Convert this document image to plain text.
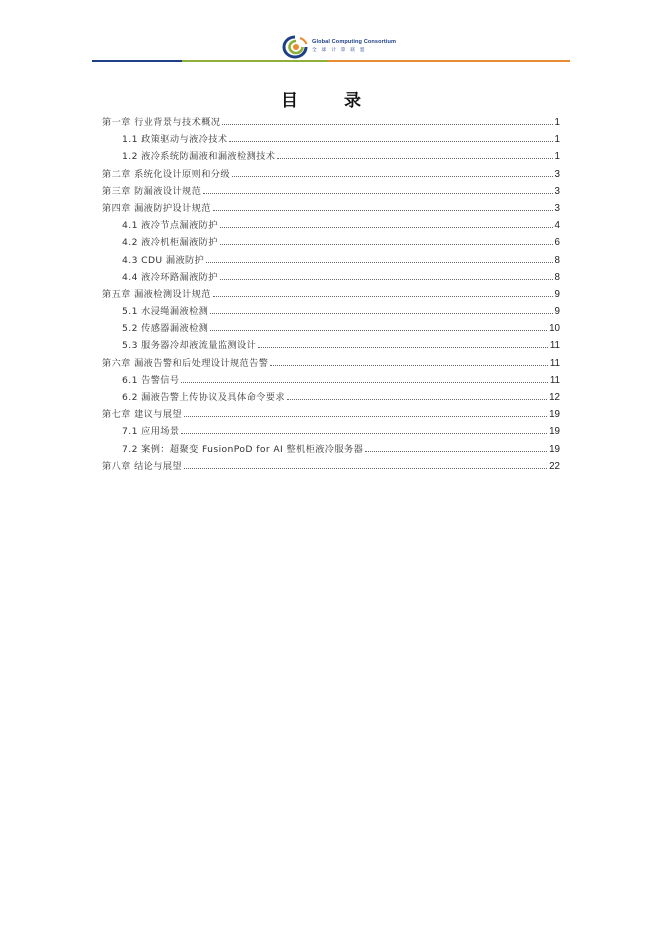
Global Computing Consortium
全球计算联盟
目 录
第一章 行业背景与技术概况	1
1.1 政策驱动与液冷技术	1
1.2 液冷系统防漏液和漏液检测技术	1
第二章 系统化设计原则和分级	3
第三章 防漏液设计规范	3
第四章 漏液防护设计规范	3
4.1 液冷节点漏液防护	4
4.2 液冷机柜漏液防护	6
4.3 CDU 漏液防护	8
4.4 液冷环路漏液防护	8
第五章 漏液检测设计规范	9
5.1 水浸绳漏液检测	9
5.2 传感器漏液检测	10
5.3 服务器冷却液流量监测设计	11
第六章 漏液告警和后处理设计规范告警	11
6.1 告警信号	11
6.2 漏液告警上传协议及具体命令要求	12
第七章 建议与展望	19
7.1 应用场景	19
7.2 案例：超聚变 FusionPoD for AI 整机柜液冷服务器	19
第八章 结论与展望	22
